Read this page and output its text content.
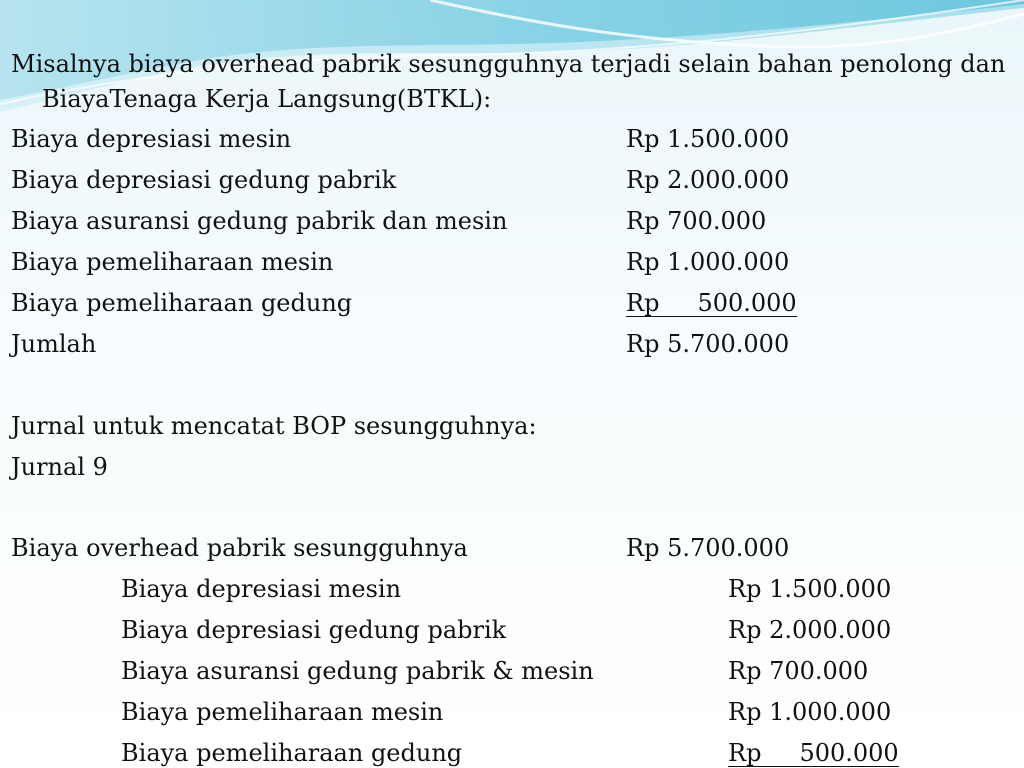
Misalnya biaya overhead pabrik sesungguhnya terjadi selain bahan penolong dan
BiayaTenaga Kerja Langsung(BTKL):
Biaya depresiasi mesin	Rp 1.500.000
Biaya depresiasi gedung pabrik	Rp 2.000.000
Biaya asuransi gedung pabrik dan mesin	Rp 700.000
Biaya pemeliharaan mesin	Rp 1.000.000
Biaya pemeliharaan gedung	Rp 500.000
Jumlah	Rp 5.700.000
Jurnal untuk mencatat BOP sesungguhnya:
Jurnal 9
Biaya overhead pabrik sesungguhnya	Rp 5.700.000
Biaya depresiasi mesin	Rp 1.500.000
Biaya depresiasi gedung pabrik	Rp 2.000.000
Biaya asuransi gedung pabrik & mesin	Rp 700.000
Biaya pemeliharaan mesin	Rp 1.000.000
Biaya pemeliharaan gedung	Rp 500.000
